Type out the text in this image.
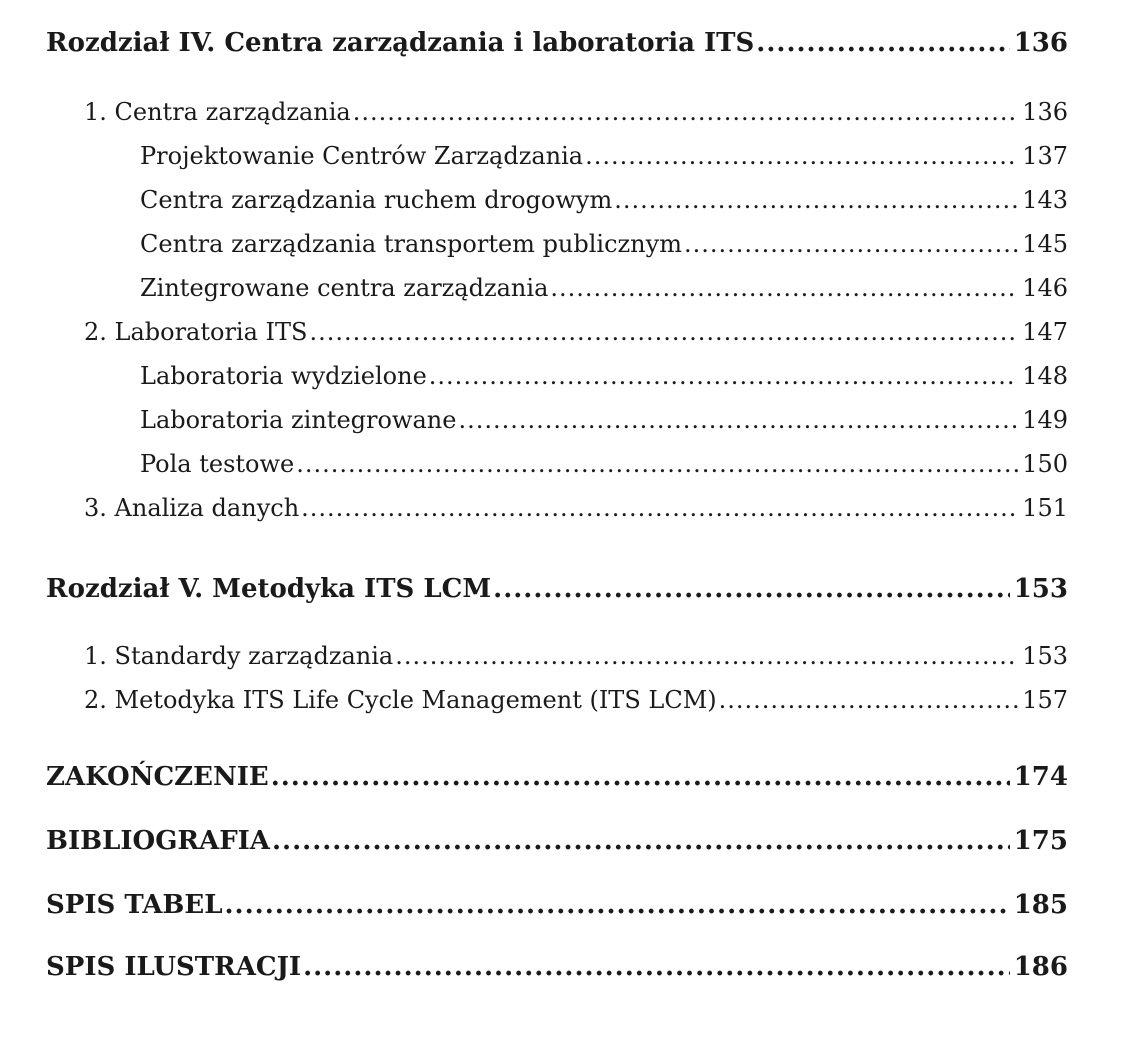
Rozdział IV. Centra zarządzania i laboratoria ITS .....	136
1. Centra zarządzania .....	136
Projektowanie Centrów Zarządzania .....	137
Centra zarządzania ruchem drogowym .....	143
Centra zarządzania transportem publicznym .....	145
Zintegrowane centra zarządzania .....	146
2. Laboratoria ITS .....	147
Laboratoria wydzielone .....	148
Laboratoria zintegrowane .....	149
Pola testowe .....	150
3. Analiza danych .....	151
Rozdział V. Metodyka ITS LCM .....	153
1. Standardy zarządzania .....	153
2. Metodyka ITS Life Cycle Management (ITS LCM) .....	157
ZAKOŃCZENIE .....	174
BIBLIOGRAFIA .....	175
SPIS TABEL .....	185
SPIS ILUSTRACJI .....	186
